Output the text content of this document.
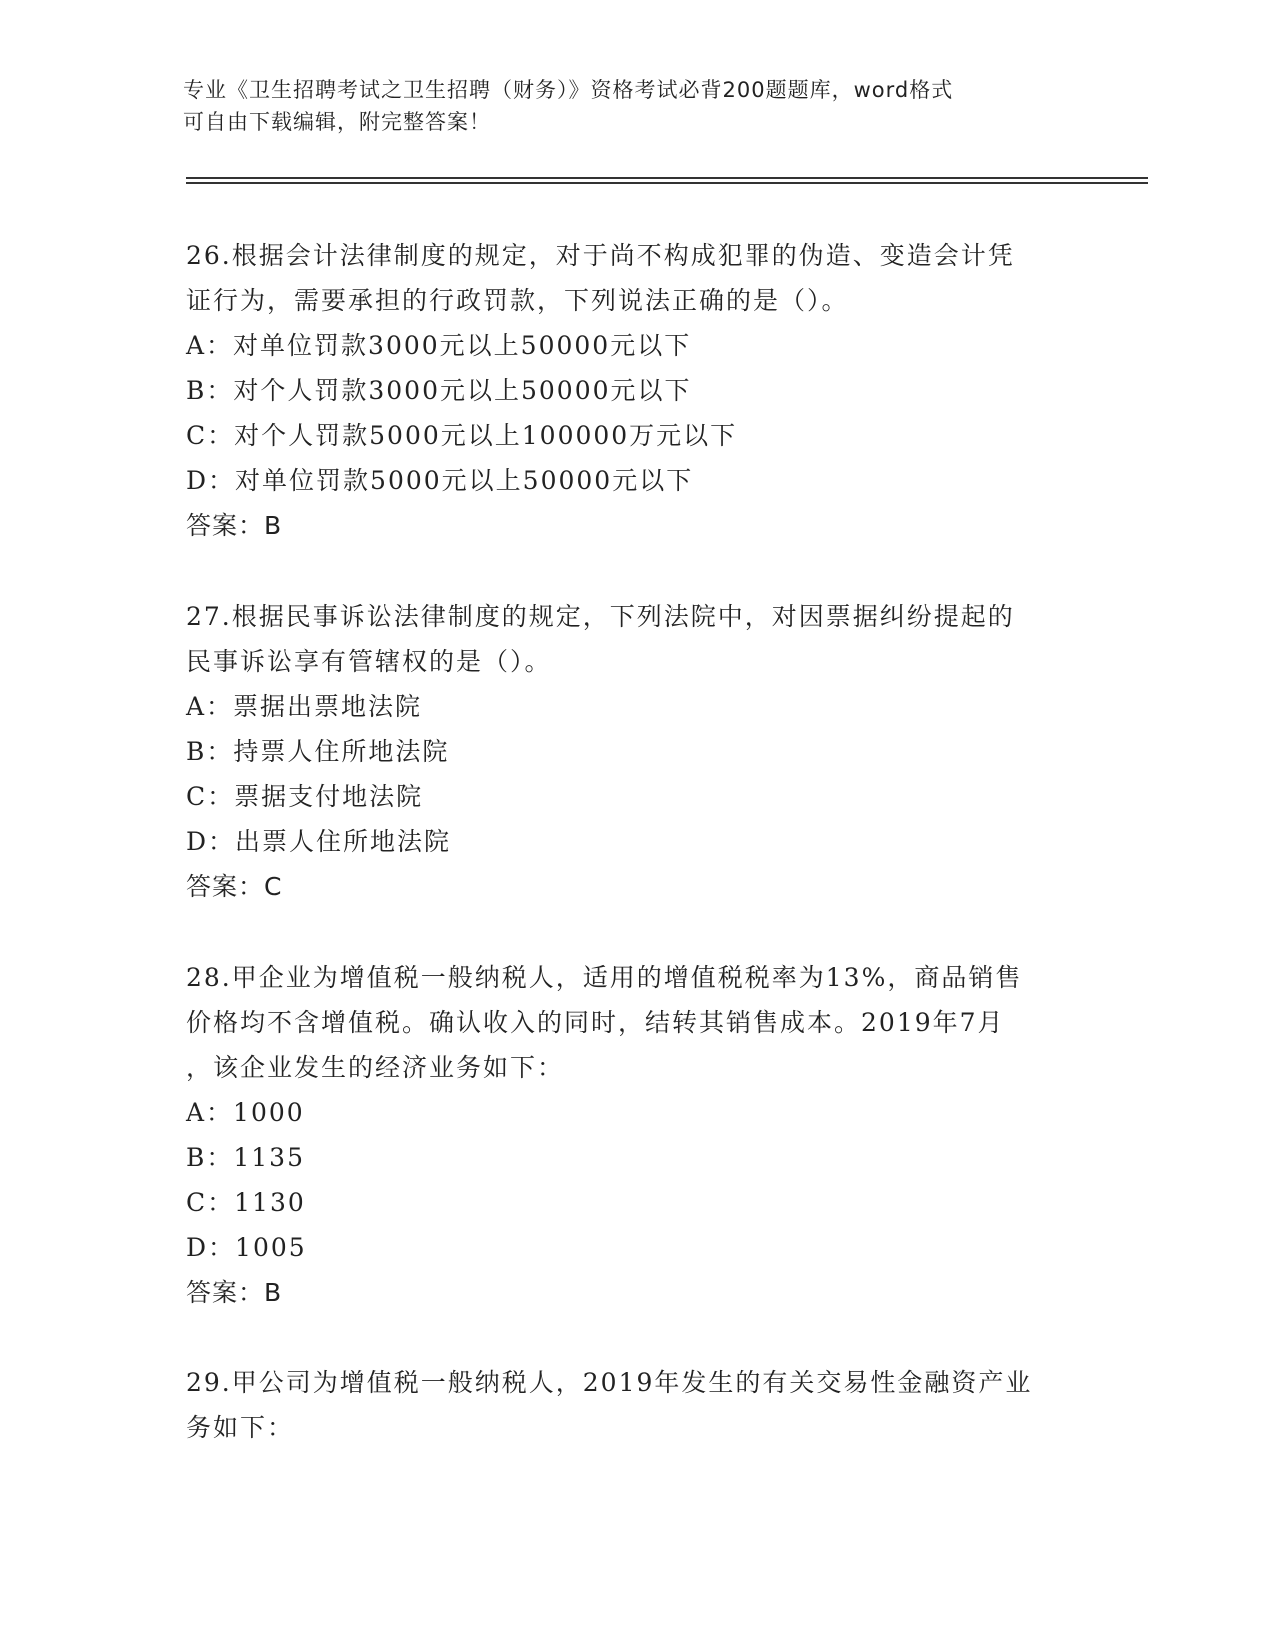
专业《卫生招聘考试之卫生招聘（财务）》资格考试必背200题题库，word格式
可自由下载编辑，附完整答案！
26.根据会计法律制度的规定，对于尚不构成犯罪的伪造、变造会计凭
证行为，需要承担的行政罚款，下列说法正确的是（）。
A：对单位罚款3000元以上50000元以下
B：对个人罚款3000元以上50000元以下
C：对个人罚款5000元以上100000万元以下
D：对单位罚款5000元以上50000元以下
答案：B
27.根据民事诉讼法律制度的规定，下列法院中，对因票据纠纷提起的
民事诉讼享有管辖权的是（）。
A：票据出票地法院
B：持票人住所地法院
C：票据支付地法院
D：出票人住所地法院
答案：C
28.甲企业为增值税一般纳税人，适用的增值税税率为13%，商品销售
价格均不含增值税。确认收入的同时，结转其销售成本。2019年7月
，该企业发生的经济业务如下：
A：1000
B：1135
C：1130
D：1005
答案：B
29.甲公司为增值税一般纳税人，2019年发生的有关交易性金融资产业
务如下：
